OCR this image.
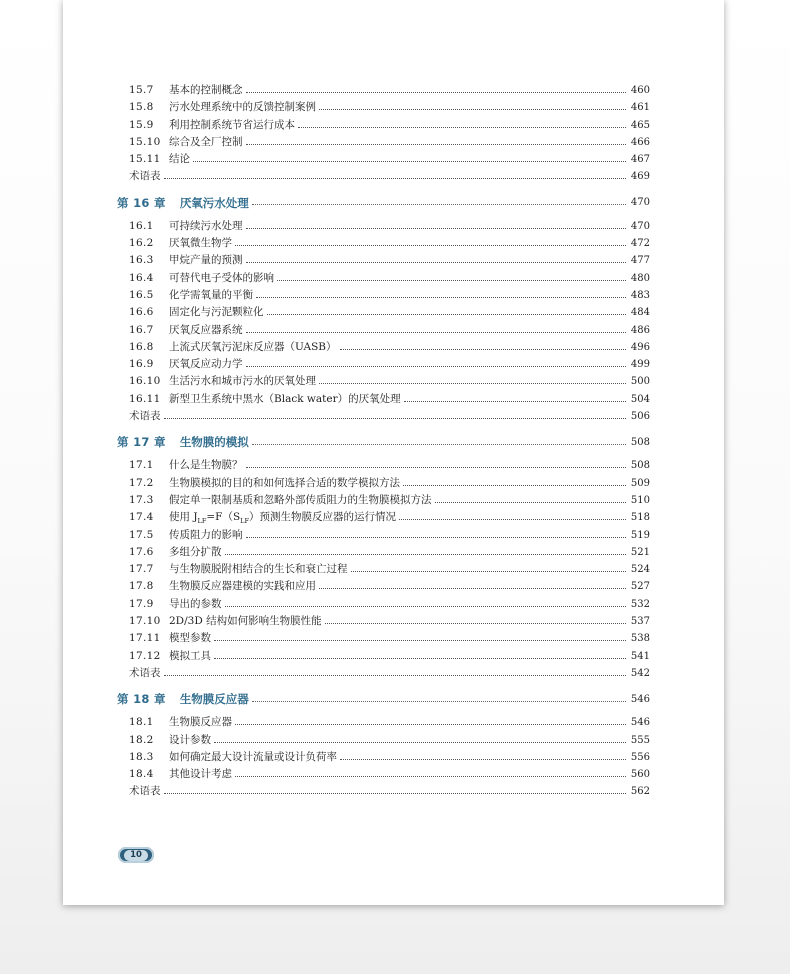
15.7	基本的控制概念	460
15.8	污水处理系统中的反馈控制案例	461
15.9	利用控制系统节省运行成本	465
15.10 综合及全厂控制	466
15.11 结论	467
术语表	469
第 16 章 厌氧污水处理	470
16.1	可持续污水处理	470
16.2	厌氧微生物学	472
16.3	甲烷产量的预测	477
16.4	可替代电子受体的影响	480
16.5	化学需氧量的平衡	483
16.6	固定化与污泥颗粒化	484
16.7	厌氧反应器系统	486
16.8	上流式厌氧污泥床反应器（UASB）	496
16.9	厌氧反应动力学	499
16.10 生活污水和城市污水的厌氧处理	500
16.11 新型卫生系统中黑水（Black water）的厌氧处理	504
术语表	506
第 17 章 生物膜的模拟	508
17.1	什么是生物膜？	508
17.2	生物膜模拟的目的和如何选择合适的数学模拟方法	509
17.3	假定单一限制基质和忽略外部传质阻力的生物膜模拟方法	510
17.4	使用 $J_{LF}=F(S_{LF})$预测生物膜反应器的运行情况	518
17.5	传质阻力的影响	519
17.6	多组分扩散	521
17.7	与生物膜脱附相结合的生长和衰亡过程	524
17.8	生物膜反应器建模的实践和应用	527
17.9	导出的参数	532
17.10 2D/3D 结构如何影响生物膜性能	537
17.11 模型参数	538
17.12 模拟工具	541
术语表	542
第 18 章 生物膜反应器	546
18.1	生物膜反应器	546
18.2	设计参数	555
18.3	如何确定最大设计流量或设计负荷率	556
18.4	其他设计考虑	560
术语表	562
10
